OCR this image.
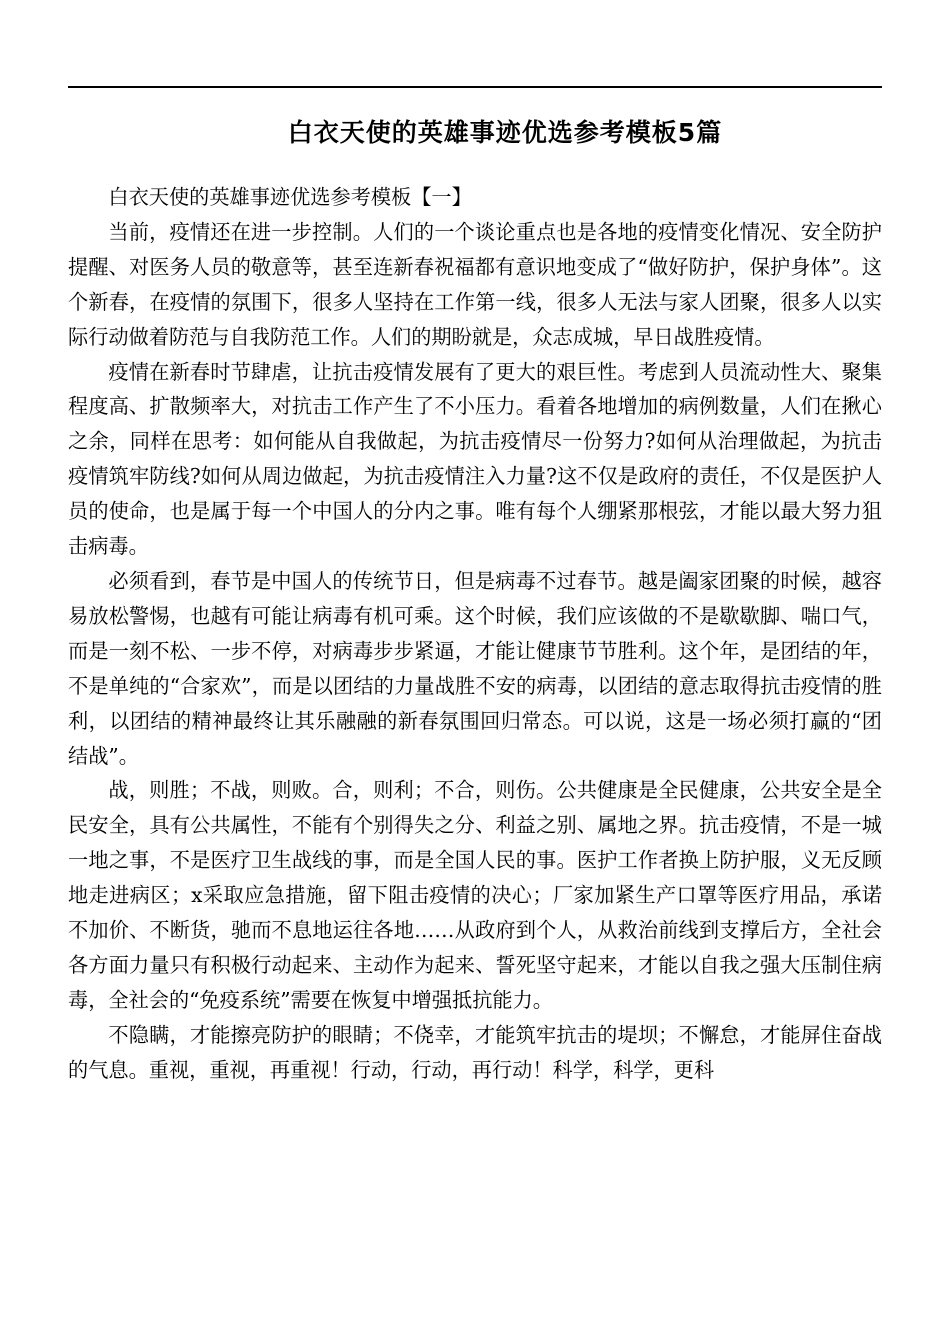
白衣天使的英雄事迹优选参考模板5篇

白衣天使的英雄事迹优选参考模板【一】

当前，疫情还在进一步控制。人们的一个谈论重点也是各地的疫情变化情况、安全防护提醒、对医务人员的敬意等，甚至连新春祝福都有意识地变成了“做好防护，保护身体”。这个新春，在疫情的氛围下，很多人坚持在工作第一线，很多人无法与家人团聚，很多人以实际行动做着防范与自我防范工作。人们的期盼就是，众志成城，早日战胜疫情。

疫情在新春时节肆虐，让抗击疫情发展有了更大的艰巨性。考虑到人员流动性大、聚集程度高、扩散频率大，对抗击工作产生了不小压力。看着各地增加的病例数量，人们在揪心之余，同样在思考：如何能从自我做起，为抗击疫情尽一份努力?如何从治理做起，为抗击疫情筑牢防线?如何从周边做起，为抗击疫情注入力量?这不仅是政府的责任，不仅是医护人员的使命，也是属于每一个中国人的分内之事。唯有每个人绷紧那根弦，才能以最大努力狙击病毒。

必须看到，春节是中国人的传统节日，但是病毒不过春节。越是阖家团聚的时候，越容易放松警惕，也越有可能让病毒有机可乘。这个时候，我们应该做的不是歇歇脚、喘口气，而是一刻不松、一步不停，对病毒步步紧逼，才能让健康节节胜利。这个年，是团结的年，不是单纯的“合家欢”，而是以团结的力量战胜不安的病毒，以团结的意志取得抗击疫情的胜利，以团结的精神最终让其乐融融的新春氛围回归常态。可以说，这是一场必须打赢的“团结战”。

战，则胜；不战，则败。合，则利；不合，则伤。公共健康是全民健康，公共安全是全民安全，具有公共属性，不能有个别得失之分、利益之别、属地之界。抗击疫情，不是一城一地之事，不是医疗卫生战线的事，而是全国人民的事。医护工作者换上防护服，义无反顾地走进病区；x采取应急措施，留下阻击疫情的决心；厂家加紧生产口罩等医疗用品，承诺不加价、不断货，驰而不息地运往各地……从政府到个人，从救治前线到支撑后方，全社会各方面力量只有积极行动起来、主动作为起来、誓死坚守起来，才能以自我之强大压制住病毒，全社会的“免疫系统”需要在恢复中增强抵抗能力。

不隐瞒，才能擦亮防护的眼睛；不侥幸，才能筑牢抗击的堤坝；不懈怠，才能屏住奋战的气息。重视，重视，再重视！行动，行动，再行动！科学，科学，更科
